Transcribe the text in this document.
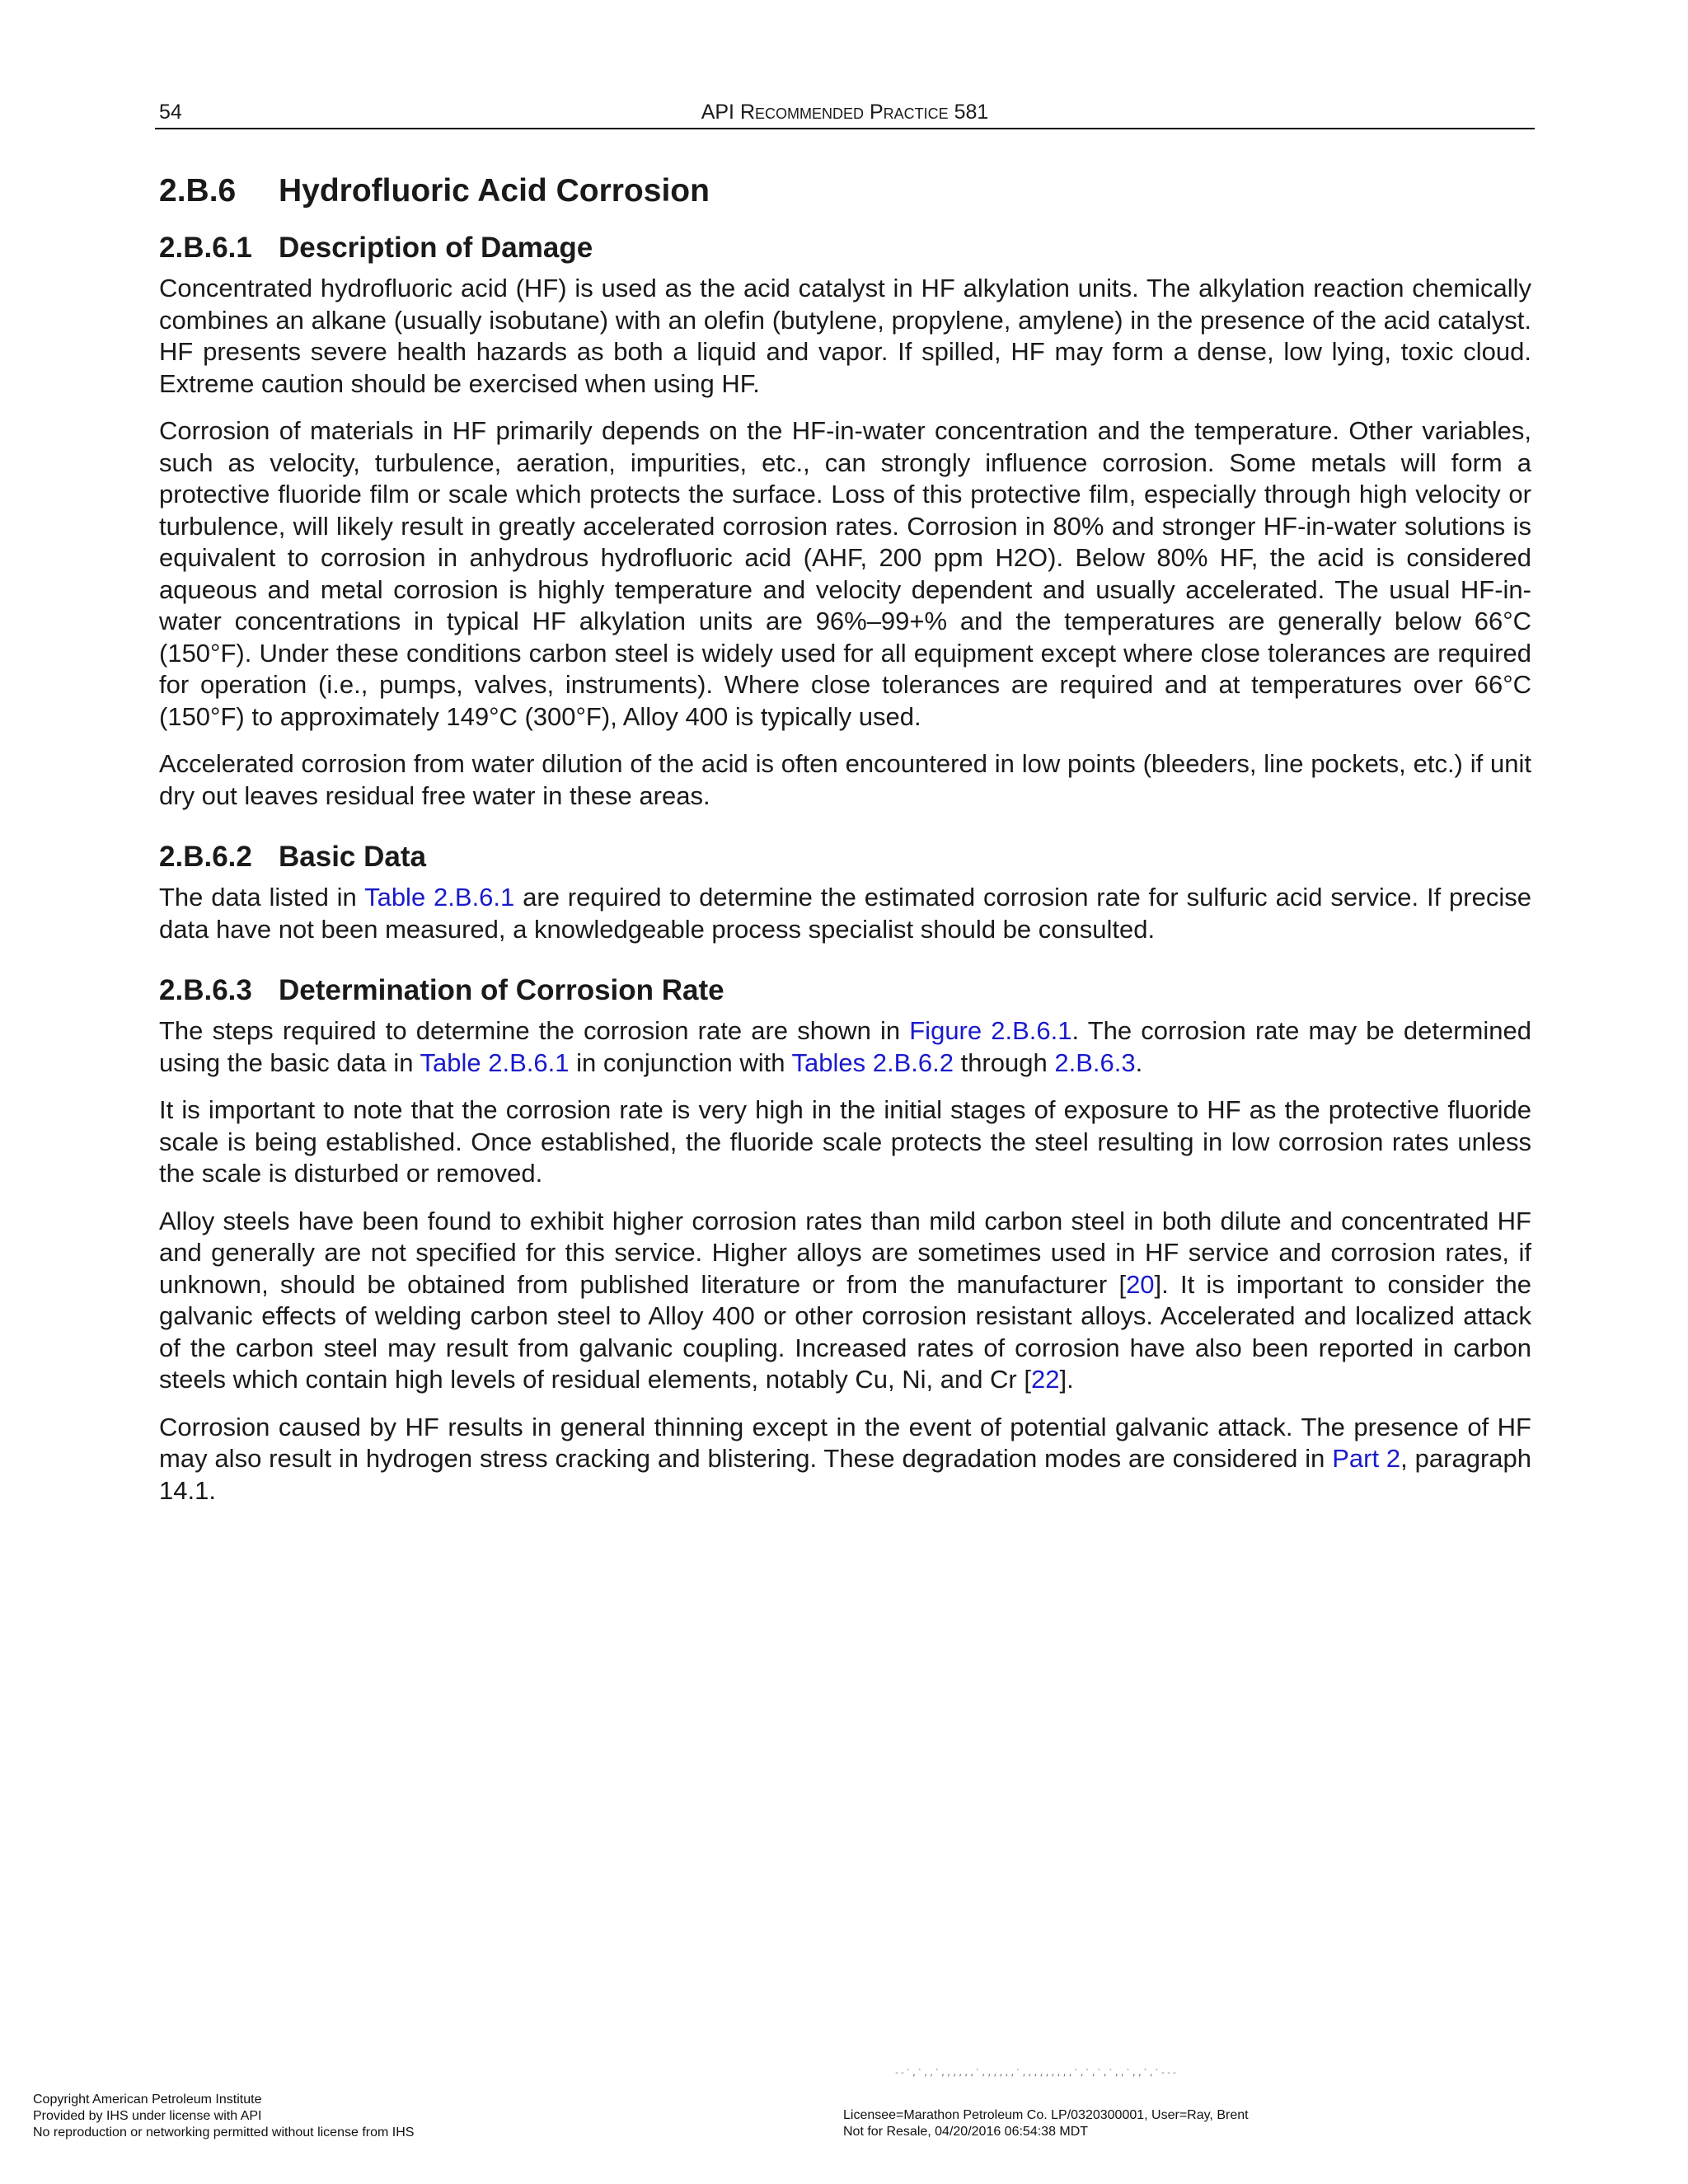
54	API Recommended Practice 581
2.B.6 Hydrofluoric Acid Corrosion
2.B.6.1 Description of Damage

Concentrated hydrofluoric acid (HF) is used as the acid catalyst in HF alkylation units. The alkylation reaction chemically combines an alkane (usually isobutane) with an olefin (butylene, propylene, amylene) in the presence of the acid catalyst. HF presents severe health hazards as both a liquid and vapor. If spilled, HF may form a dense, low lying, toxic cloud. Extreme caution should be exercised when using HF.

Corrosion of materials in HF primarily depends on the HF-in-water concentration and the temperature. Other variables, such as velocity, turbulence, aeration, impurities, etc., can strongly influence corrosion. Some metals will form a protective fluoride film or scale which protects the surface. Loss of this protective film, especially through high velocity or turbulence, will likely result in greatly accelerated corrosion rates. Corrosion in 80% and stronger HF-in-water solutions is equivalent to corrosion in anhydrous hydrofluoric acid (AHF, 200 ppm H2O). Below 80% HF, the acid is considered aqueous and metal corrosion is highly temperature and velocity dependent and usually accelerated. The usual HF-in-water concentrations in typical HF alkylation units are 96%–99+% and the temperatures are generally below 66°C (150°F). Under these conditions carbon steel is widely used for all equipment except where close tolerances are required for operation (i.e., pumps, valves, instruments). Where close tolerances are required and at temperatures over 66°C (150°F) to approximately 149°C (300°F), Alloy 400 is typically used.

Accelerated corrosion from water dilution of the acid is often encountered in low points (bleeders, line pockets, etc.) if unit dry out leaves residual free water in these areas.

2.B.6.2 Basic Data

The data listed in Table 2.B.6.1 are required to determine the estimated corrosion rate for sulfuric acid service. If precise data have not been measured, a knowledgeable process specialist should be consulted.

2.B.6.3 Determination of Corrosion Rate

The steps required to determine the corrosion rate are shown in Figure 2.B.6.1. The corrosion rate may be determined using the basic data in Table 2.B.6.1 in conjunction with Tables 2.B.6.2 through 2.B.6.3.

It is important to note that the corrosion rate is very high in the initial stages of exposure to HF as the protective fluoride scale is being established. Once established, the fluoride scale protects the steel resulting in low corrosion rates unless the scale is disturbed or removed.

Alloy steels have been found to exhibit higher corrosion rates than mild carbon steel in both dilute and concentrated HF and generally are not specified for this service. Higher alloys are sometimes used in HF service and corrosion rates, if unknown, should be obtained from published literature or from the manufacturer [20]. It is important to consider the galvanic effects of welding carbon steel to Alloy 400 or other corrosion resistant alloys. Accelerated and localized attack of the carbon steel may result from galvanic coupling. Increased rates of corrosion have also been reported in carbon steels which contain high levels of residual elements, notably Cu, Ni, and Cr [22].

Corrosion caused by HF results in general thinning except in the event of potential galvanic attack. The presence of HF may also result in hydrogen stress cracking and blistering. These degradation modes are considered in Part 2, paragraph 14.1.

--`,`,,`,,,,,,`,,,,,,`,,,,,,,,,`,`,`,`,,`,,`,`---
Copyright American Petroleum Institute
Provided by IHS under license with API
No reproduction or networking permitted without license from IHS
Licensee=Marathon Petroleum Co. LP/0320300001, User=Ray, Brent
Not for Resale, 04/20/2016 06:54:38 MDT
